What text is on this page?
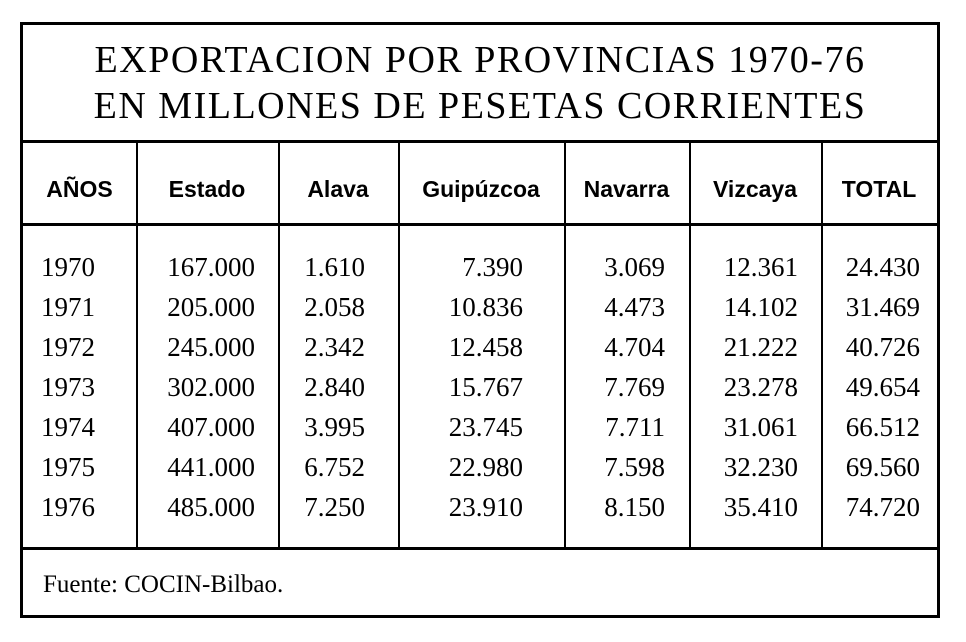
EXPORTACION POR PROVINCIAS 1970-76
EN MILLONES DE PESETAS CORRIENTES
AÑOS	Estado	Alava	Guipúzcoa	Navarra	Vizcaya	TOTAL
1970	167.000	1.610	7.390	3.069	12.361	24.430
1971	205.000	2.058	10.836	4.473	14.102	31.469
1972	245.000	2.342	12.458	4.704	21.222	40.726
1973	302.000	2.840	15.767	7.769	23.278	49.654
1974	407.000	3.995	23.745	7.711	31.061	66.512
1975	441.000	6.752	22.980	7.598	32.230	69.560
1976	485.000	7.250	23.910	8.150	35.410	74.720
Fuente: COCIN-Bilbao.
